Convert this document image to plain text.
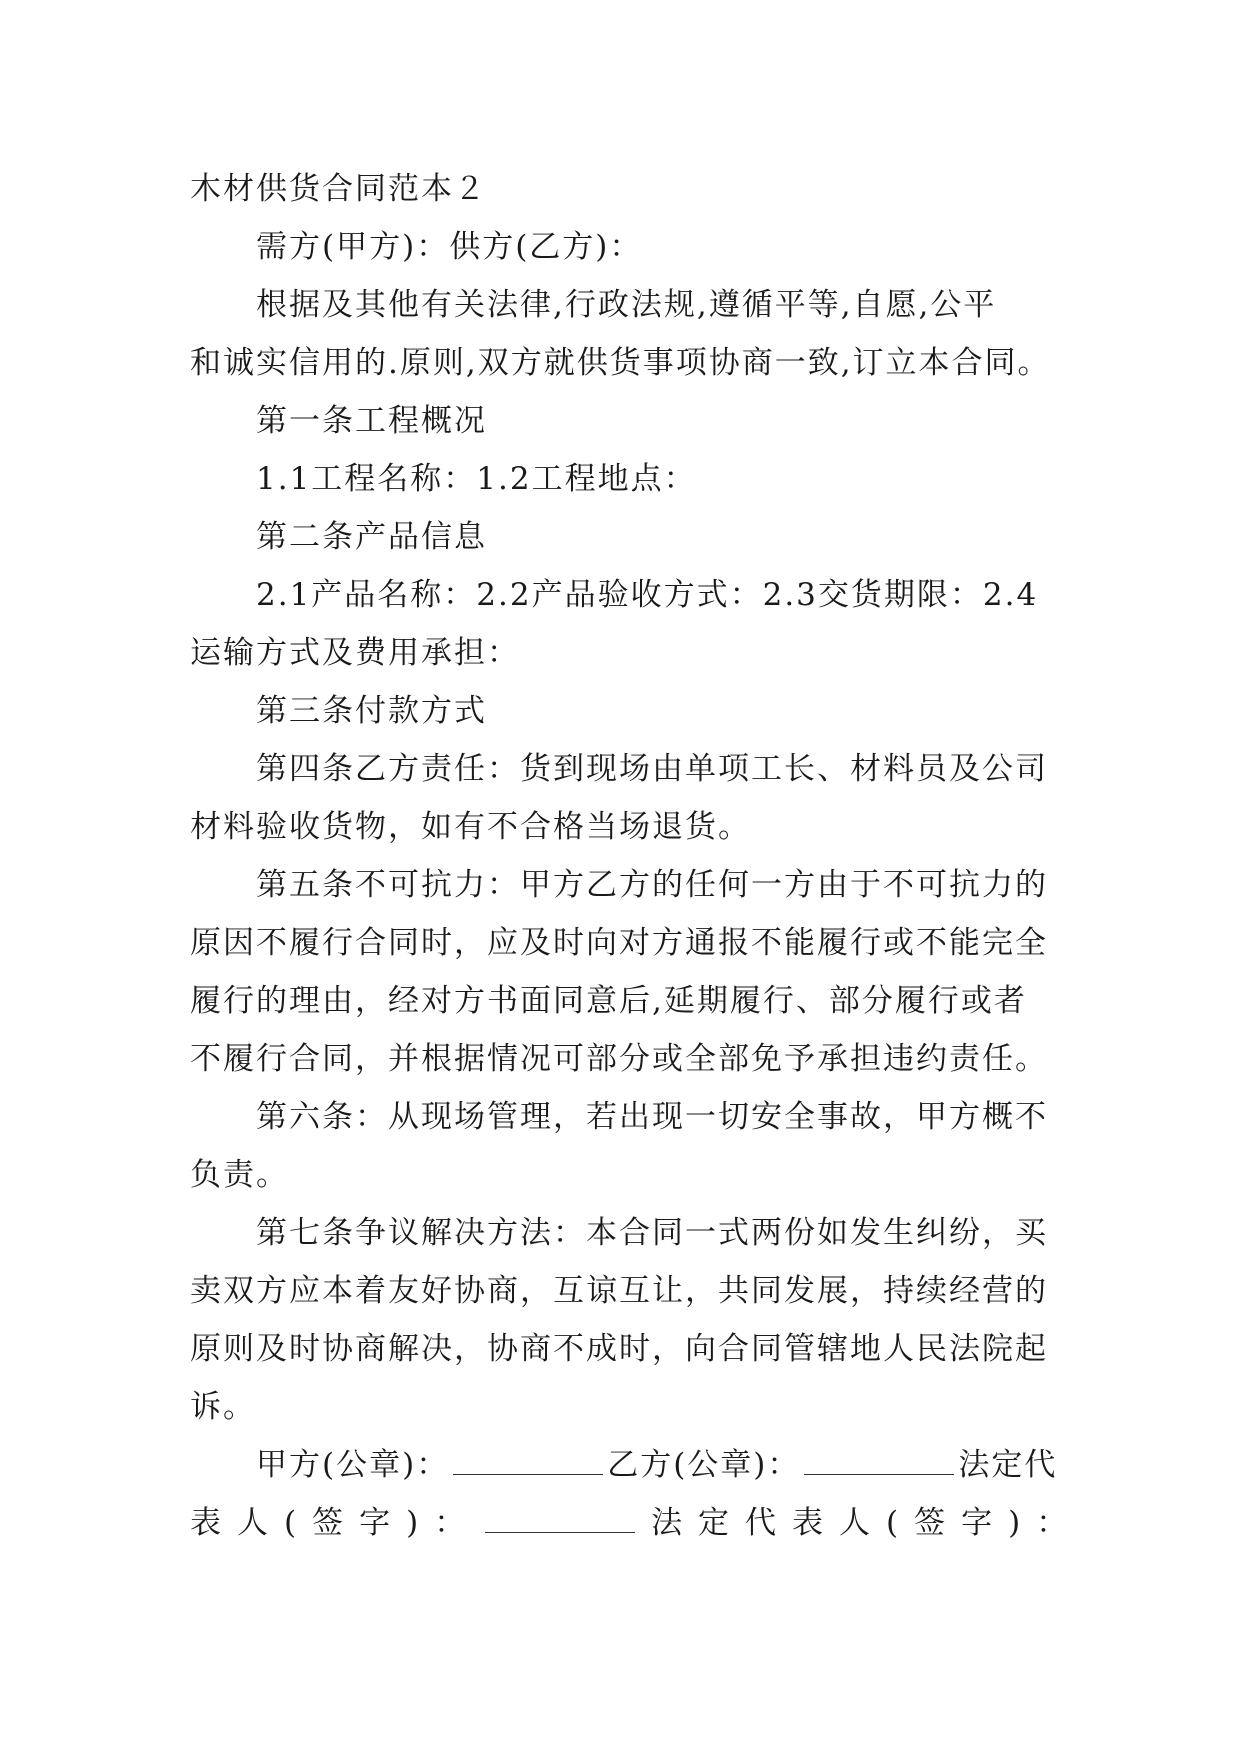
木材供货合同范本２
需方(甲方)：供方(乙方)：
根据及其他有关法律,行政法规,遵循平等,自愿,公平
和诚实信用的.原则,双方就供货事项协商一致,订立本合同。
第一条工程概况
1.1工程名称：1.2工程地点：
第二条产品信息
2.1产品名称：2.2产品验收方式：2.3交货期限：2.4
运输方式及费用承担：
第三条付款方式
第四条乙方责任：货到现场由单项工长、材料员及公司
材料验收货物，如有不合格当场退货。
第五条不可抗力：甲方乙方的任何一方由于不可抗力的
原因不履行合同时，应及时向对方通报不能履行或不能完全
履行的理由，经对方书面同意后,延期履行、部分履行或者
不履行合同，并根据情况可部分或全部免予承担违约责任。
第六条：从现场管理，若出现一切安全事故，甲方概不
负责。
第七条争议解决方法：本合同一式两份如发生纠纷，买
卖双方应本着友好协商，互谅互让，共同发展，持续经营的
原则及时协商解决，协商不成时，向合同管辖地人民法院起
诉。
甲方(公章)：	乙方(公章)：	法定代
表人(签字)：	法定代表人(签字)：
